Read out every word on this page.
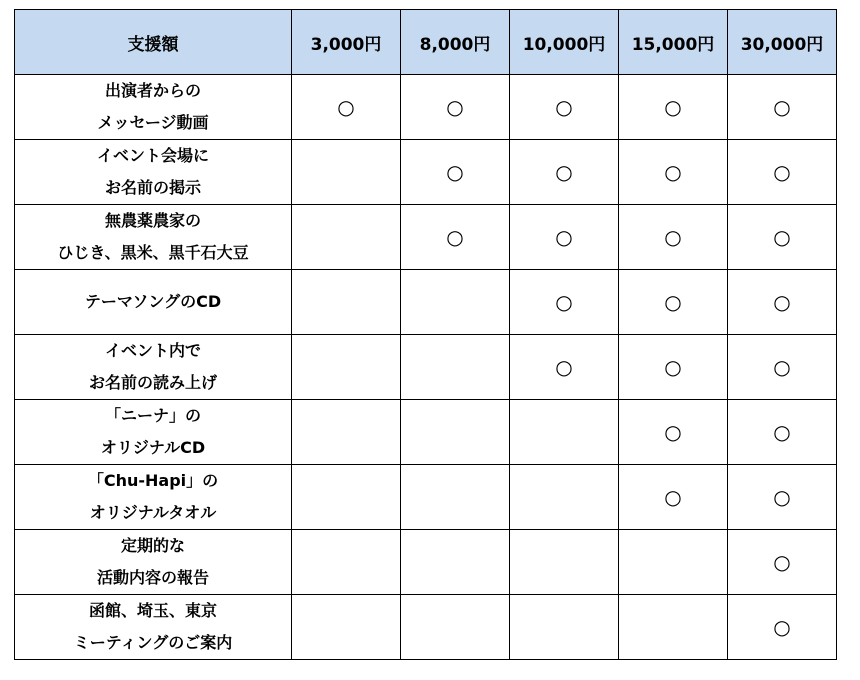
支援額	3,000円	8,000円	10,000円	15,000円	30,000円

出演者からの
メッセージ動画	○	○	○	○	○

イベント会場に
お名前の掲示		○	○	○	○

無農薬農家の
ひじき、黒米、黒千石大豆		○	○	○	○

テーマソングのCD			○	○	○

イベント内で
お名前の読み上げ			○	○	○

「ニーナ」の
オリジナルCD				○	○

「Chu-Hapi」の
オリジナルタオル				○	○

定期的な
活動内容の報告					○

函館、埼玉、東京
ミーティングのご案内					○
